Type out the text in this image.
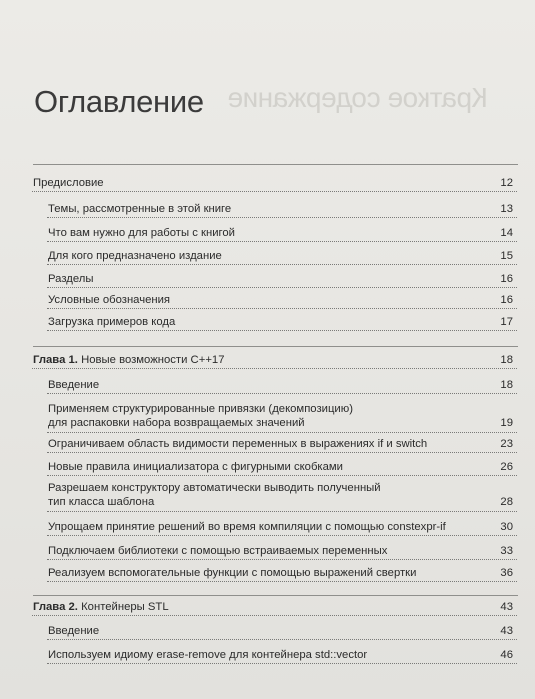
Краткое содержание
Оглавление
Предисловие	12
Темы, рассмотренные в этой книге	13
Что вам нужно для работы с книгой	14
Для кого предназначено издание	15
Разделы	16
Условные обозначения	16
Загрузка примеров кода	17
Глава 1. Новые возможности C++17	18
Введение	18
Применяем структурированные привязки (декомпозицию)
для распаковки набора возвращаемых значений	19
Ограничиваем область видимости переменных в выражениях if и switch	23
Новые правила инициализатора с фигурными скобками	26
Разрешаем конструктору автоматически выводить полученный
тип класса шаблона	28
Упрощаем принятие решений во время компиляции с помощью constexpr-if	30
Подключаем библиотеки с помощью встраиваемых переменных	33
Реализуем вспомогательные функции с помощью выражений свертки	36
Глава 2. Контейнеры STL	43
Введение	43
Используем идиому erase-remove для контейнера std::vector	46
